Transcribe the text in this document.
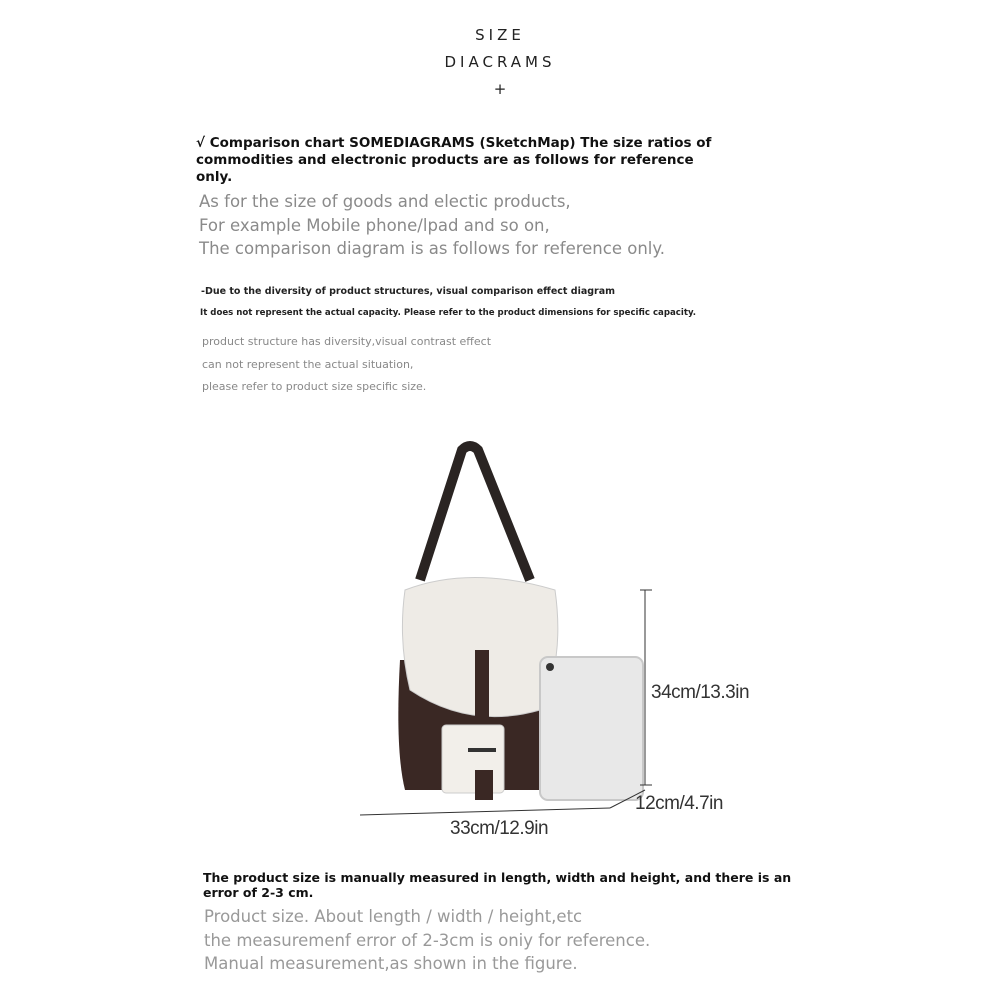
SIZE
DIACRAMS
+
√ Comparison chart SOMEDIAGRAMS (SketchMap) The size ratios of commodities and electronic products are as follows for reference only.
As for the size of goods and electic products,
For example Mobile phone/lpad and so on,
The comparison diagram is as follows for reference only.
-Due to the diversity of product structures, visual comparison effect diagram
It does not represent the actual capacity. Please refer to the product dimensions for specific capacity.
product structure has diversity,visual contrast effect
can not represent the actual situation,
please refer to product size specific size.
34cm/13.3in
12cm/4.7in
33cm/12.9in
The product size is manually measured in length, width and height, and there is an error of 2-3 cm.
Product size. About length / width / height,etc
the measuremenf error of 2-3cm is oniy for reference.
Manual measurement,as shown in the figure.
